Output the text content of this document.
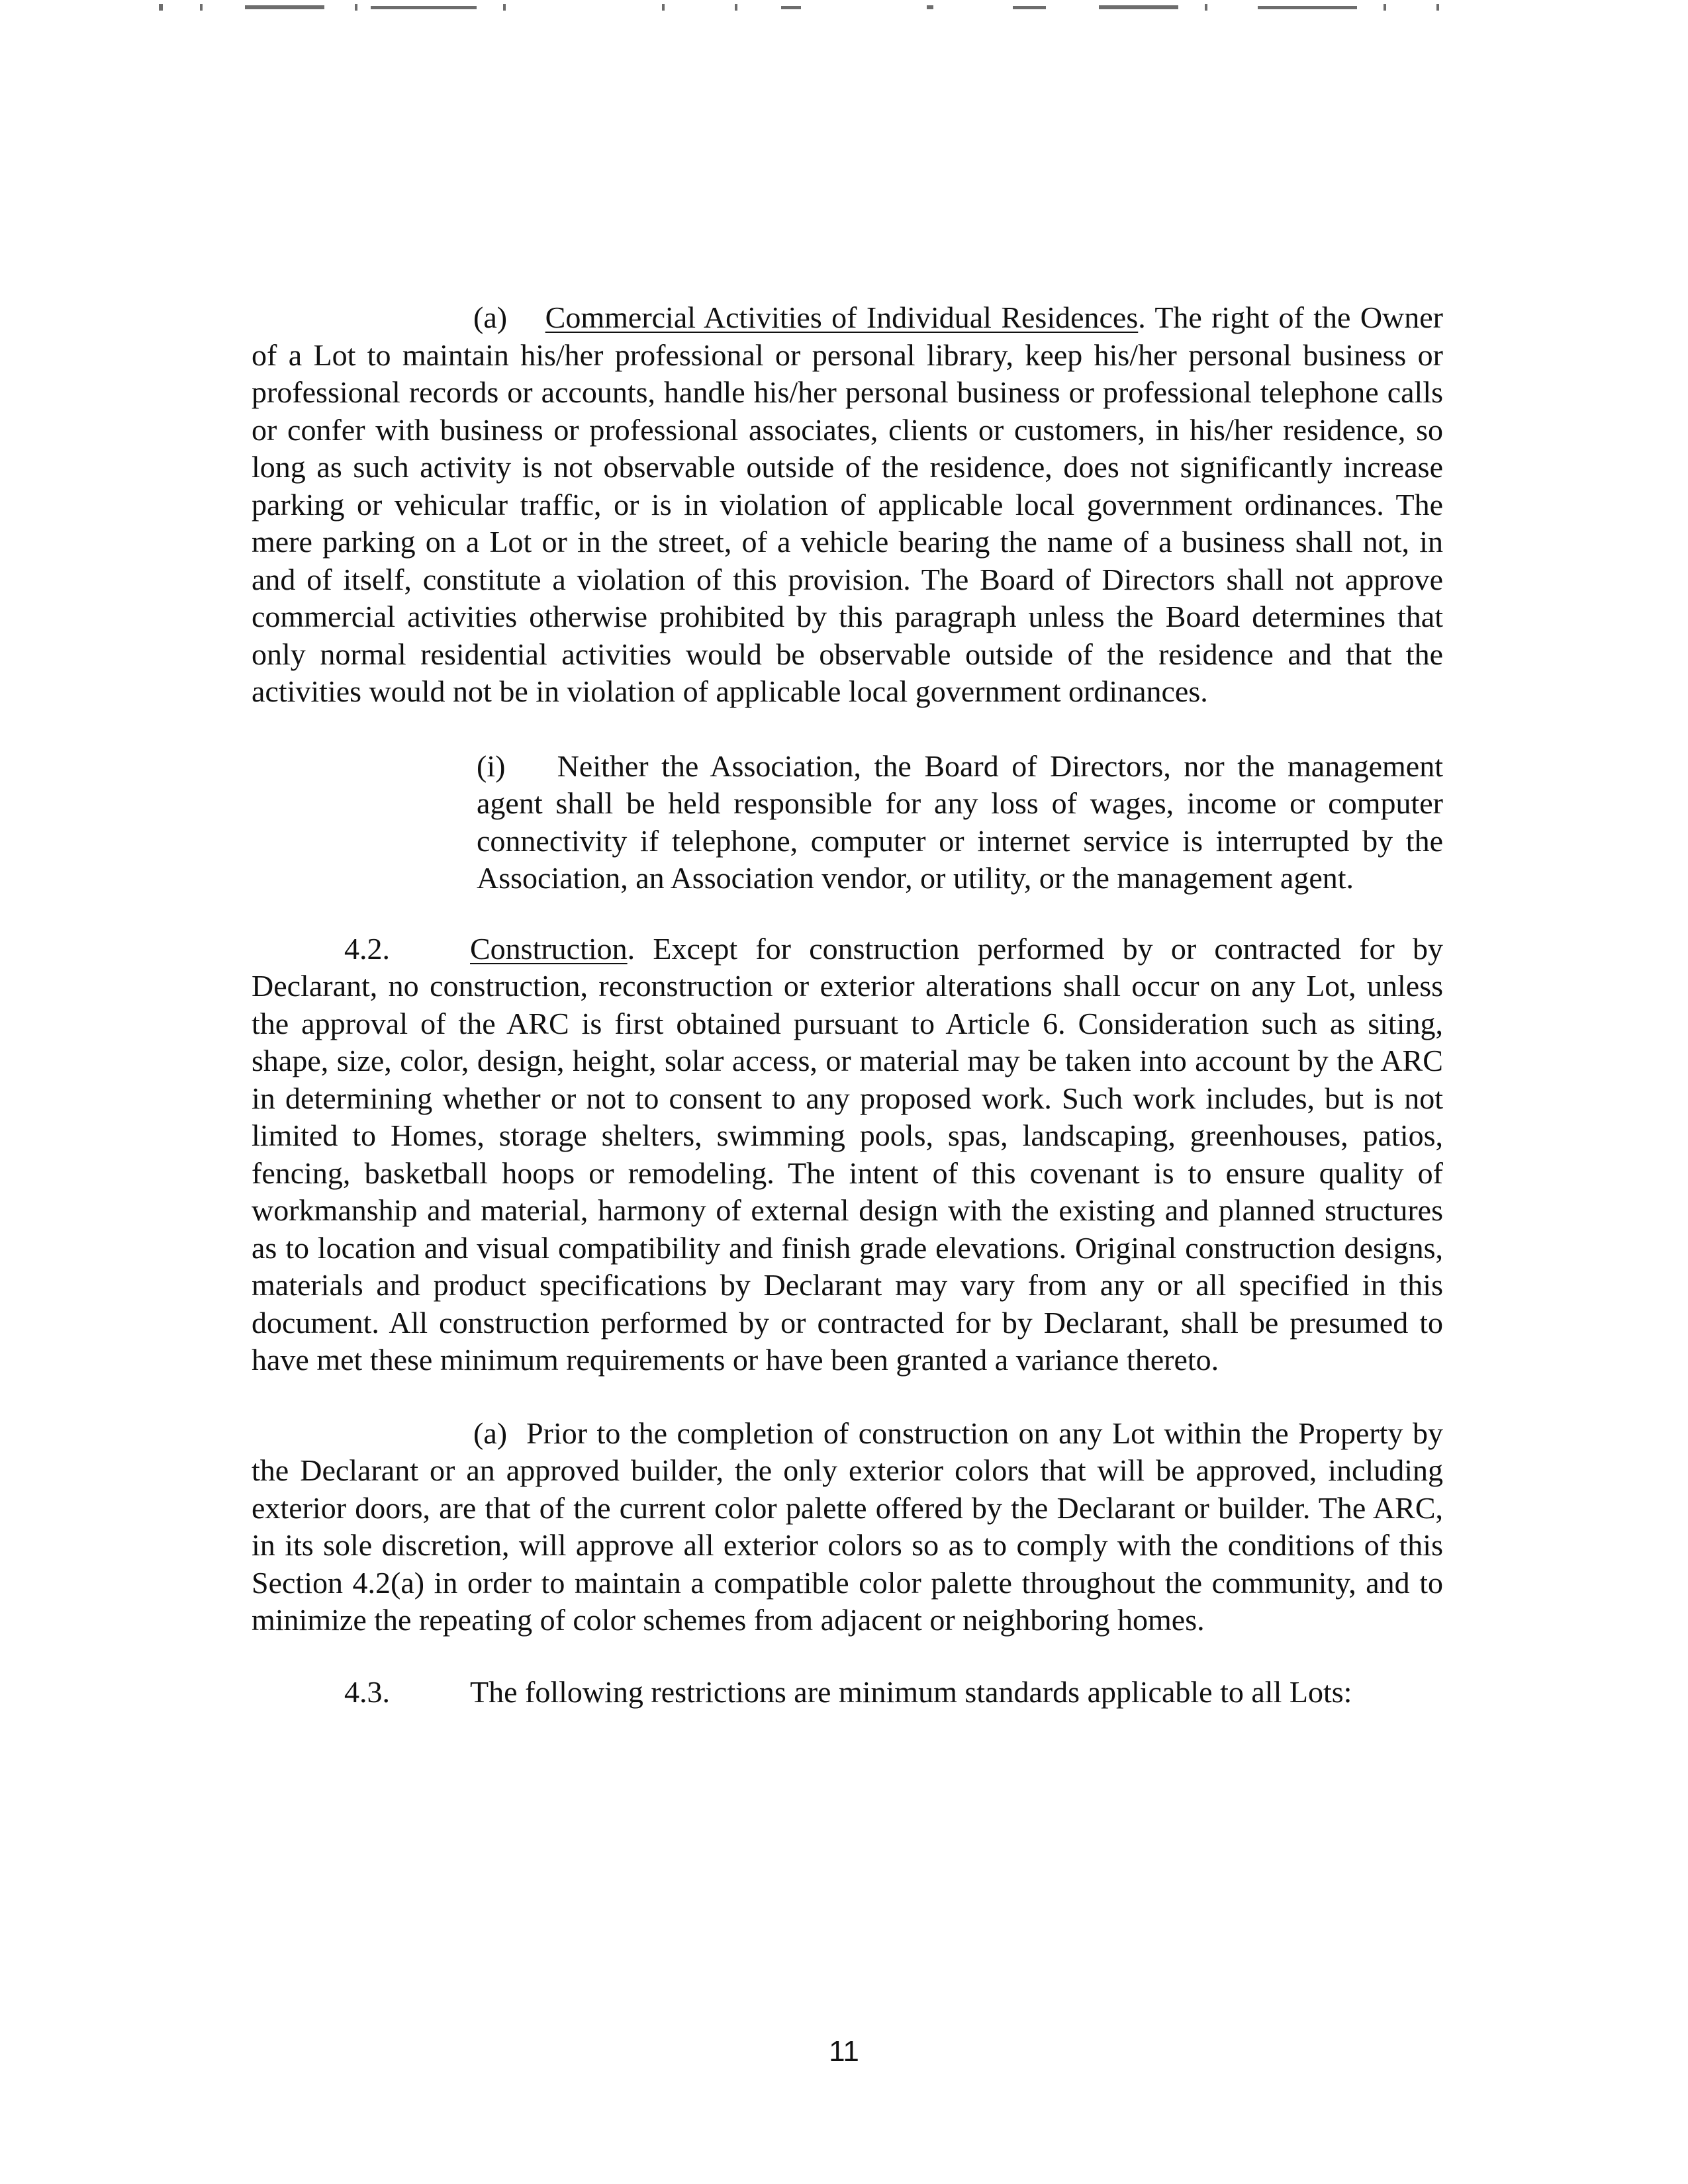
(a) Commercial Activities of Individual Residences. The right of the Owner of a Lot to maintain his/her professional or personal library, keep his/her personal business or professional records or accounts, handle his/her personal business or professional telephone calls or confer with business or professional associates, clients or customers, in his/her residence, so long as such activity is not observable outside of the residence, does not significantly increase parking or vehicular traffic, or is in violation of applicable local government ordinances. The mere parking on a Lot or in the street, of a vehicle bearing the name of a business shall not, in and of itself, constitute a violation of this provision. The Board of Directors shall not approve commercial activities otherwise prohibited by this paragraph unless the Board determines that only normal residential activities would be observable outside of the residence and that the activities would not be in violation of applicable local government ordinances.

(i) Neither the Association, the Board of Directors, nor the management agent shall be held responsible for any loss of wages, income or computer connectivity if telephone, computer or internet service is interrupted by the Association, an Association vendor, or utility, or the management agent.

4.2.	Construction. Except for construction performed by or contracted for by Declarant, no construction, reconstruction or exterior alterations shall occur on any Lot, unless the approval of the ARC is first obtained pursuant to Article 6. Consideration such as siting, shape, size, color, design, height, solar access, or material may be taken into account by the ARC in determining whether or not to consent to any proposed work. Such work includes, but is not limited to Homes, storage shelters, swimming pools, spas, landscaping, greenhouses, patios, fencing, basketball hoops or remodeling. The intent of this covenant is to ensure quality of workmanship and material, harmony of external design with the existing and planned structures as to location and visual compatibility and finish grade elevations. Original construction designs, materials and product specifications by Declarant may vary from any or all specified in this document. All construction performed by or contracted for by Declarant, shall be presumed to have met these minimum requirements or have been granted a variance thereto.

(a) Prior to the completion of construction on any Lot within the Property by the Declarant or an approved builder, the only exterior colors that will be approved, including exterior doors, are that of the current color palette offered by the Declarant or builder. The ARC, in its sole discretion, will approve all exterior colors so as to comply with the conditions of this Section 4.2(a) in order to maintain a compatible color palette throughout the community, and to minimize the repeating of color schemes from adjacent or neighboring homes.

4.3.	The following restrictions are minimum standards applicable to all Lots:

11
